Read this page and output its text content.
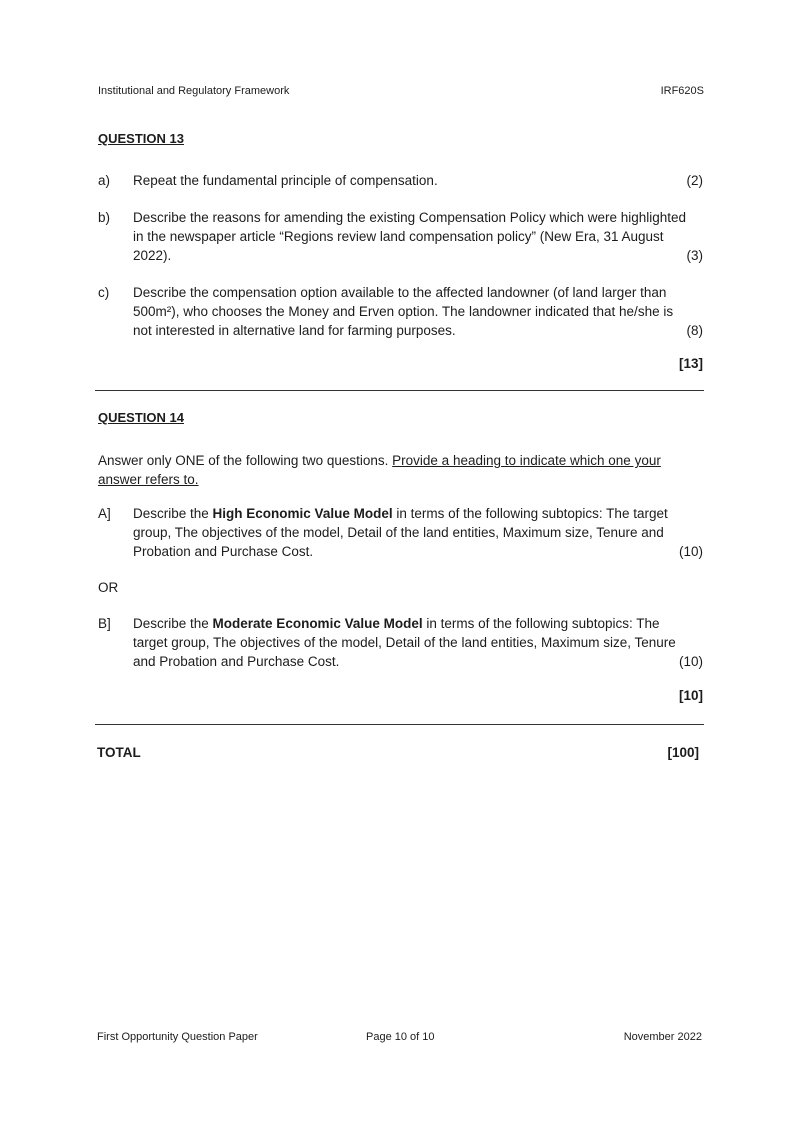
Institutional and Regulatory Framework	IRF620S
QUESTION 13
a) Repeat the fundamental principle of compensation.	(2)
b) Describe the reasons for amending the existing Compensation Policy which were highlighted
in the newspaper article “Regions review land compensation policy” (New Era, 31 August
2022).	(3)
c) Describe the compensation option available to the affected landowner (of land larger than
500m²), who chooses the Money and Erven option. The landowner indicated that he/she is
not interested in alternative land for farming purposes.	(8)
[13]
QUESTION 14
Answer only ONE of the following two questions. Provide a heading to indicate which one your
answer refers to.
A] Describe the High Economic Value Model in terms of the following subtopics: The target
group, The objectives of the model, Detail of the land entities, Maximum size, Tenure and
Probation and Purchase Cost.	(10)
OR
B] Describe the Moderate Economic Value Model in terms of the following subtopics: The
target group, The objectives of the model, Detail of the land entities, Maximum size, Tenure
and Probation and Purchase Cost.	(10)
[10]
TOTAL	[100]
First Opportunity Question Paper	Page 10 of 10	November 2022
